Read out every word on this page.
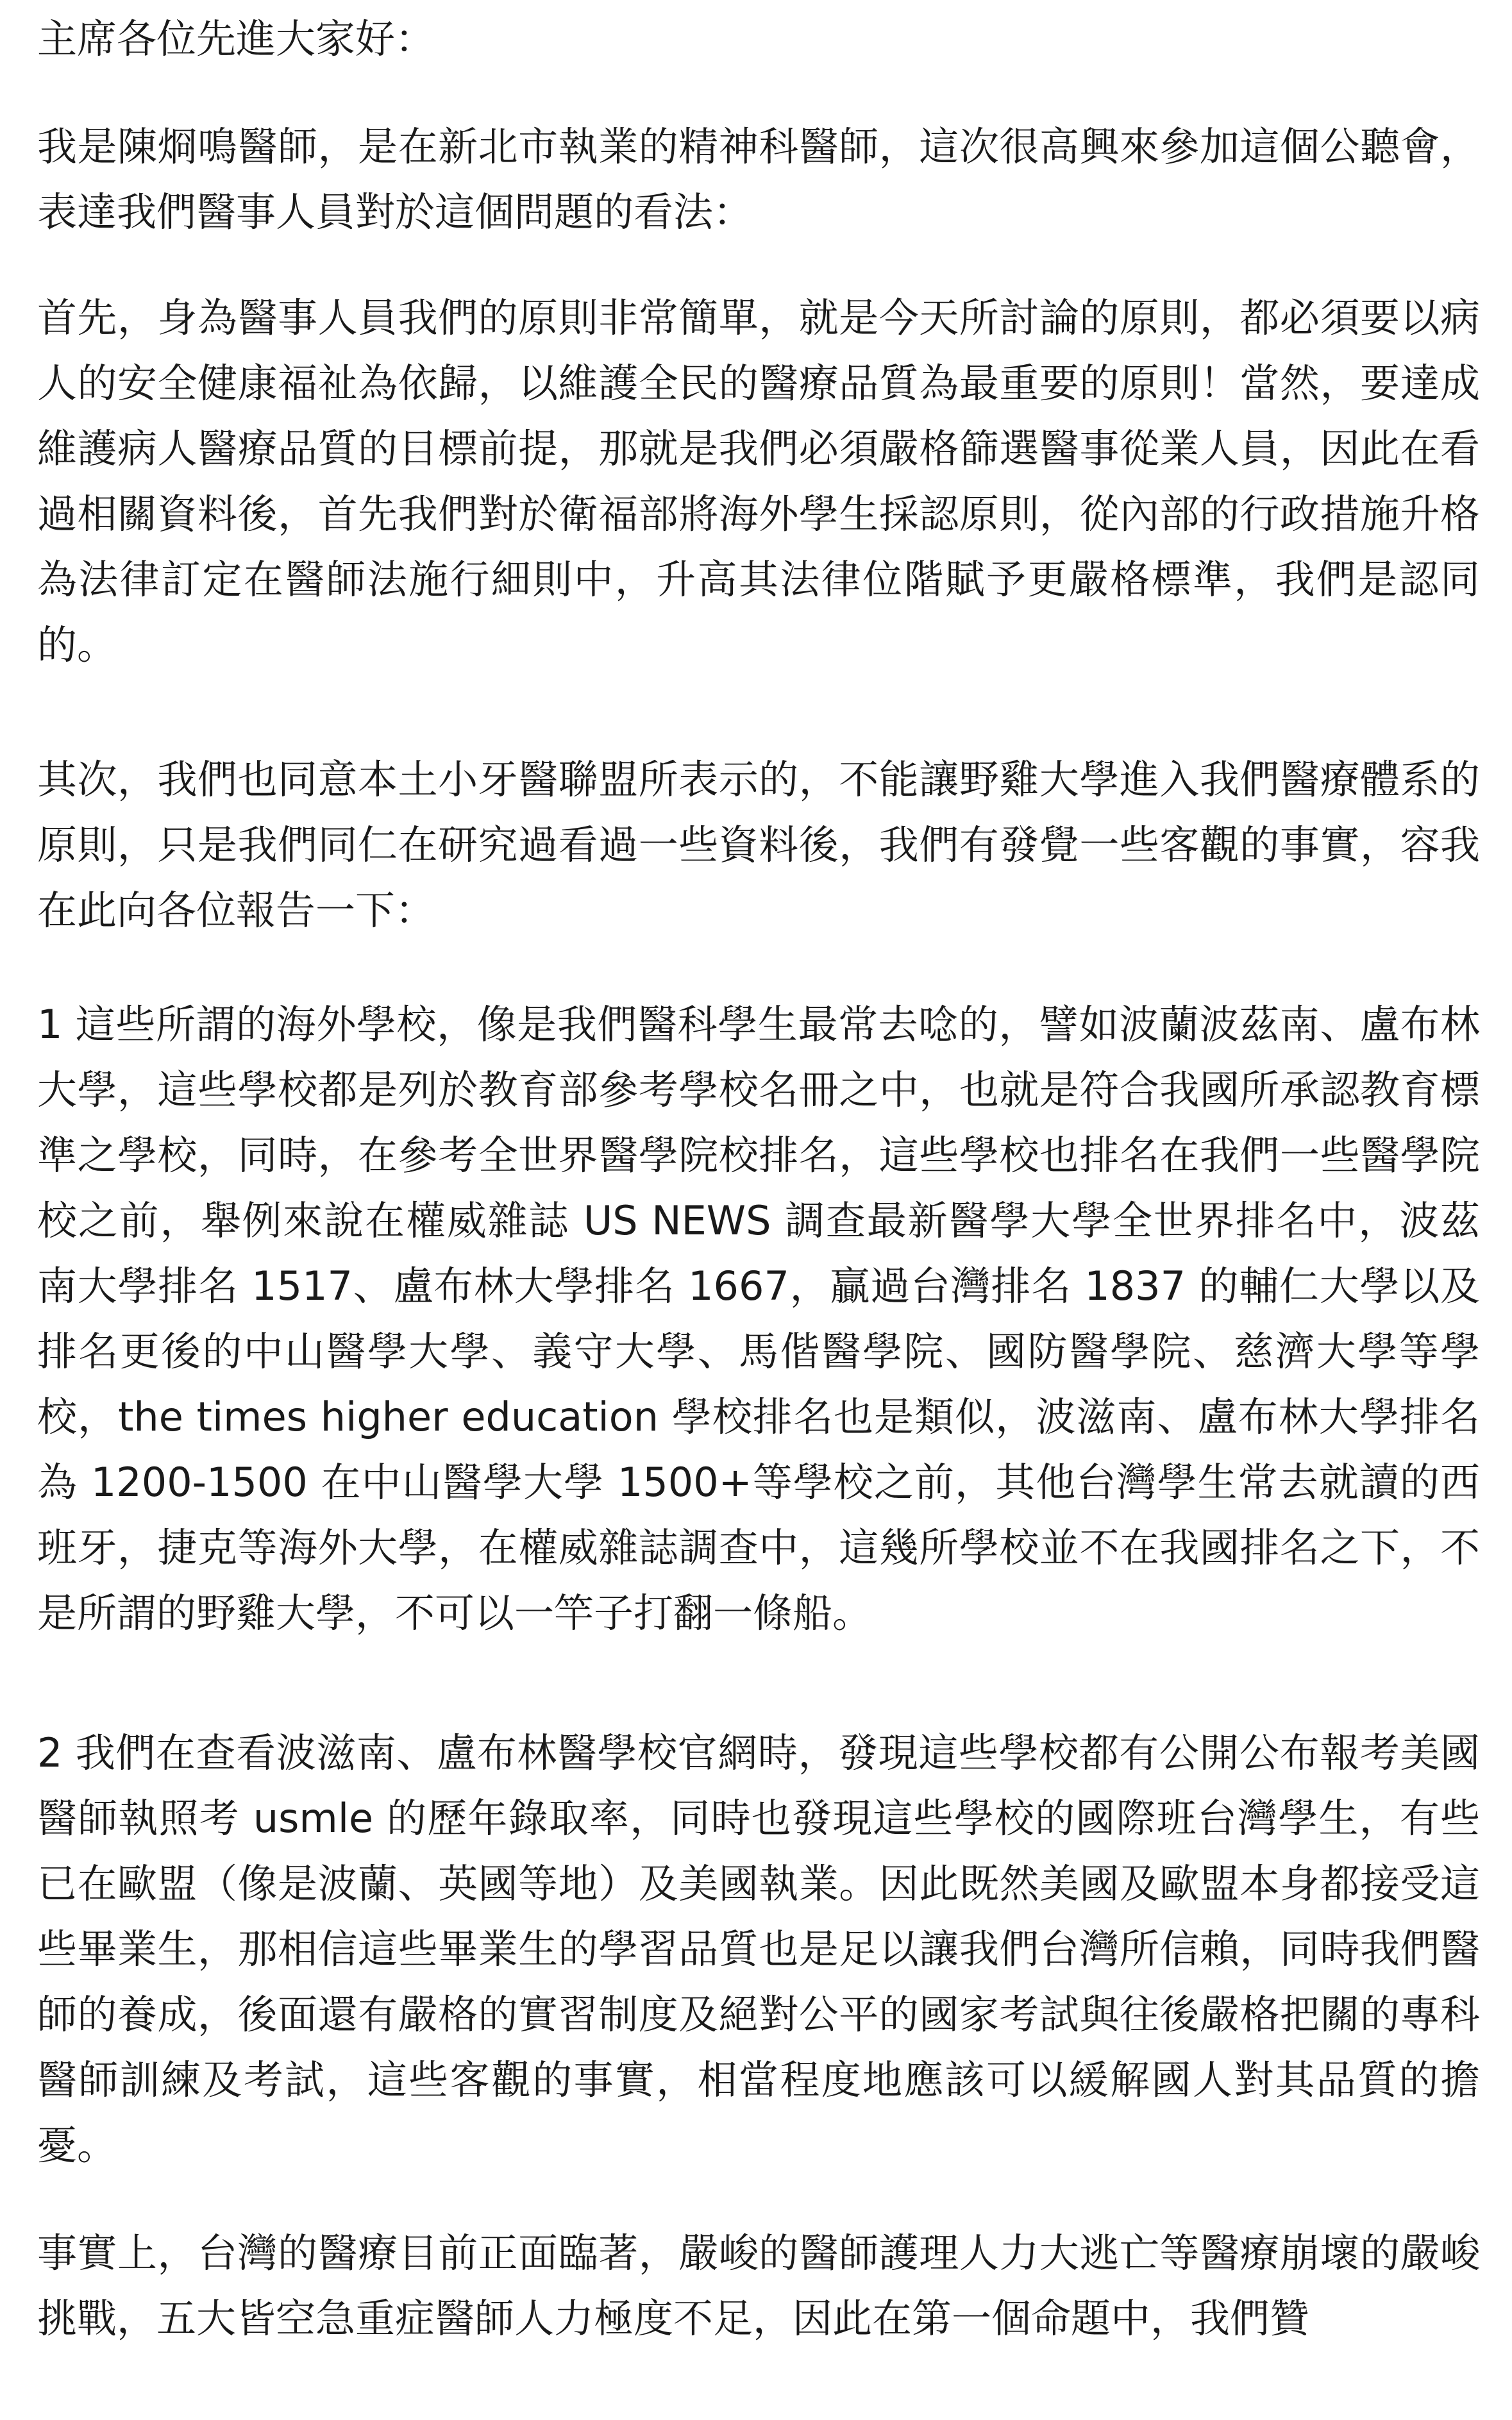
主席各位先進大家好：

我是陳烱鳴醫師，是在新北市執業的精神科醫師，這次很高興來參加這個公聽會，表達我們醫事人員對於這個問題的看法：

首先，身為醫事人員我們的原則非常簡單，就是今天所討論的原則，都必須要以病人的安全健康福祉為依歸，以維護全民的醫療品質為最重要的原則！當然，要達成維護病人醫療品質的目標前提，那就是我們必須嚴格篩選醫事從業人員，因此在看過相關資料後，首先我們對於衛福部將海外學生採認原則，從內部的行政措施升格為法律訂定在醫師法施行細則中，升高其法律位階賦予更嚴格標準，我們是認同的。

其次，我們也同意本土小牙醫聯盟所表示的，不能讓野雞大學進入我們醫療體系的原則，只是我們同仁在研究過看過一些資料後，我們有發覺一些客觀的事實，容我在此向各位報告一下：

1 這些所謂的海外學校，像是我們醫科學生最常去唸的，譬如波蘭波茲南、盧布林大學，這些學校都是列於教育部參考學校名冊之中，也就是符合我國所承認教育標準之學校，同時，在參考全世界醫學院校排名，這些學校也排名在我們一些醫學院校之前，舉例來說在權威雜誌 US NEWS 調查最新醫學大學全世界排名中，波茲南大學排名 1517、盧布林大學排名 1667，贏過台灣排名 1837 的輔仁大學以及排名更後的中山醫學大學、義守大學、馬偕醫學院、國防醫學院、慈濟大學等學校，the times higher education 學校排名也是類似，波滋南、盧布林大學排名為 1200-1500 在中山醫學大學 1500+等學校之前，其他台灣學生常去就讀的西班牙，捷克等海外大學，在權威雜誌調查中，這幾所學校並不在我國排名之下，不是所謂的野雞大學，不可以一竿子打翻一條船。

2 我們在查看波滋南、盧布林醫學校官網時，發現這些學校都有公開公布報考美國醫師執照考 usmle 的歷年錄取率，同時也發現這些學校的國際班台灣學生，有些已在歐盟（像是波蘭、英國等地）及美國執業。因此既然美國及歐盟本身都接受這些畢業生，那相信這些畢業生的學習品質也是足以讓我們台灣所信賴，同時我們醫師的養成，後面還有嚴格的實習制度及絕對公平的國家考試與往後嚴格把關的專科醫師訓練及考試，這些客觀的事實，相當程度地應該可以緩解國人對其品質的擔憂。

事實上，台灣的醫療目前正面臨著，嚴峻的醫師護理人力大逃亡等醫療崩壞的嚴峻挑戰，五大皆空急重症醫師人力極度不足，因此在第一個命題中，我們贊
